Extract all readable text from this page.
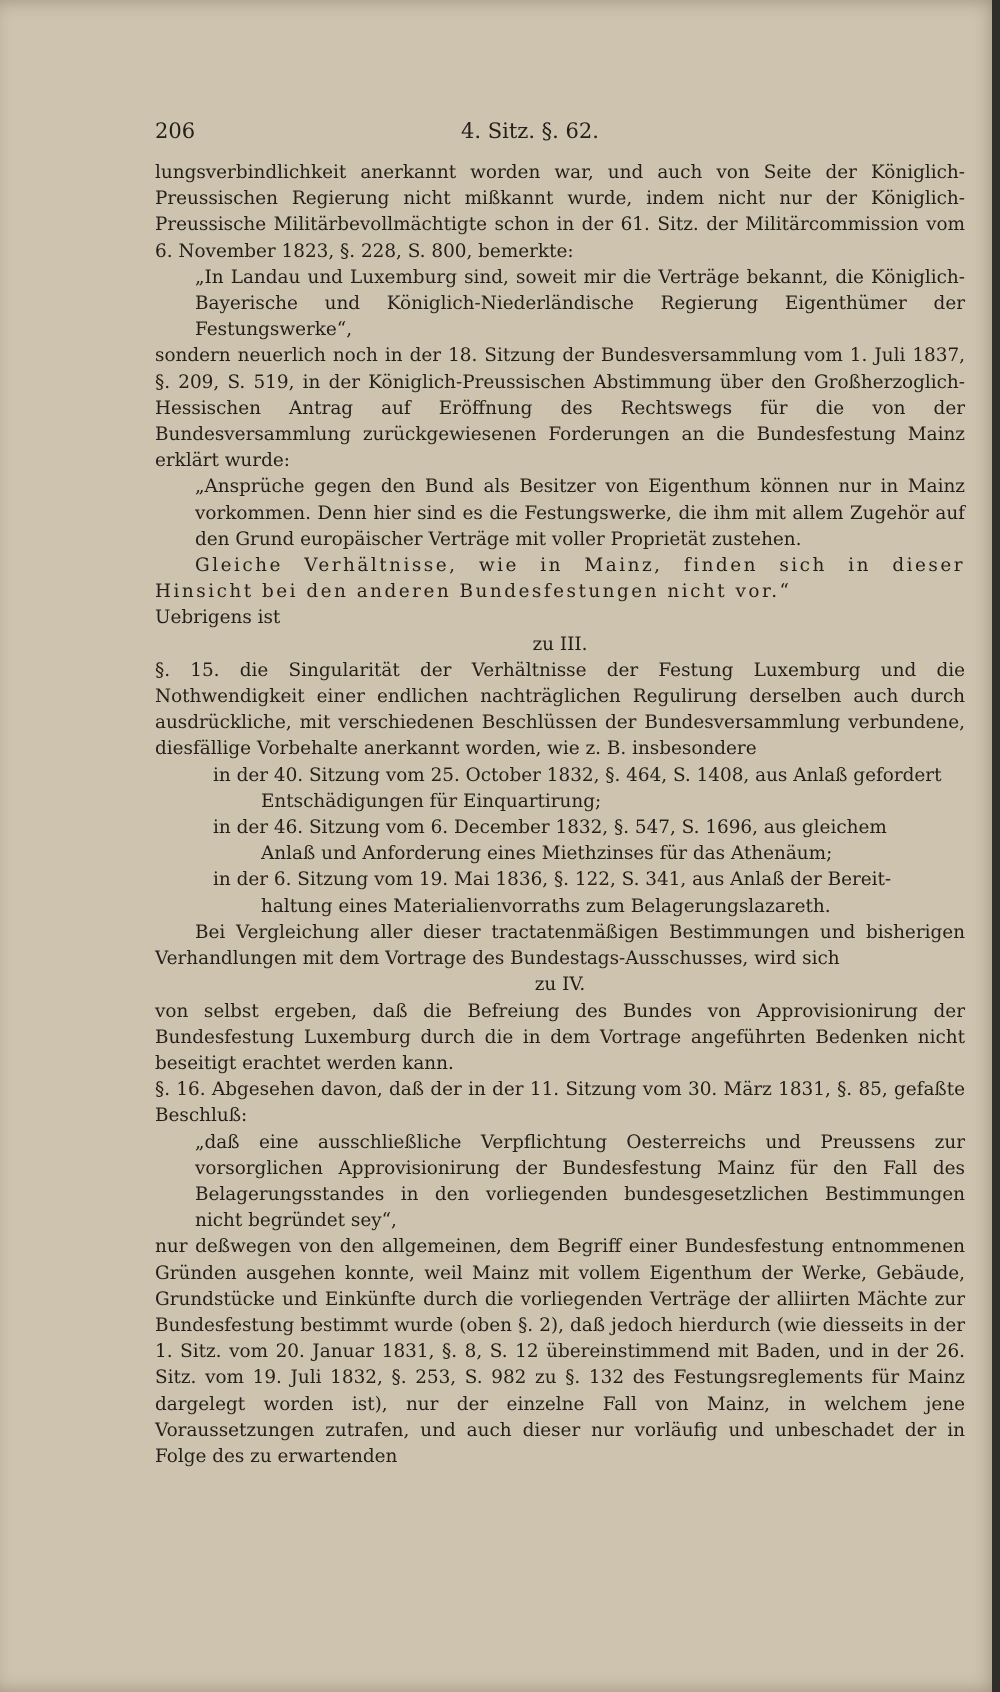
206	4. Sitz. §. 62.

lungsverbindlichkeit anerkannt worden war, und auch von Seite der Königlich-Preussischen Regierung nicht mißkannt wurde, indem nicht nur der Königlich-Preussische Militärbevollmächtigte schon in der 61. Sitz. der Militärcommission vom 6. November 1823, §. 228, S. 800, bemerkte:

„In Landau und Luxemburg sind, soweit mir die Verträge bekannt, die Königlich-Bayerische und Königlich-Niederländische Regierung Eigenthümer der Festungswerke“,

sondern neuerlich noch in der 18. Sitzung der Bundesversammlung vom 1. Juli 1837, §. 209, S. 519, in der Königlich-Preussischen Abstimmung über den Großherzoglich-Hessischen Antrag auf Eröffnung des Rechtswegs für die von der Bundesversammlung zurückgewiesenen Forderungen an die Bundesfestung Mainz erklärt wurde:

„Ansprüche gegen den Bund als Besitzer von Eigenthum können nur in Mainz vorkommen. Denn hier sind es die Festungswerke, die ihm mit allem Zugehör auf den Grund europäischer Verträge mit voller Proprietät zustehen.

Gleiche Verhältnisse, wie in Mainz, finden sich in dieser Hinsicht bei den anderen Bundesfestungen nicht vor.“

Uebrigens ist

zu III.

§. 15. die Singularität der Verhältnisse der Festung Luxemburg und die Nothwendigkeit einer endlichen nachträglichen Regulirung derselben auch durch ausdrückliche, mit verschiedenen Beschlüssen der Bundesversammlung verbundene, diesfällige Vorbehalte anerkannt worden, wie z. B. insbesondere

in der 40. Sitzung vom 25. October 1832, §. 464, S. 1408, aus Anlaß gefordert
Entschädigungen für Einquartirung;
in der 46. Sitzung vom 6. December 1832, §. 547, S. 1696, aus gleichem
Anlaß und Anforderung eines Miethzinses für das Athenäum;
in der 6. Sitzung vom 19. Mai 1836, §. 122, S. 341, aus Anlaß der Bereit-
haltung eines Materialienvorraths zum Belagerungslazareth.

Bei Vergleichung aller dieser tractatenmäßigen Bestimmungen und bisherigen Verhandlungen mit dem Vortrage des Bundestags-Ausschusses, wird sich

zu IV.

von selbst ergeben, daß die Befreiung des Bundes von Approvisionirung der Bundesfestung Luxemburg durch die in dem Vortrage angeführten Bedenken nicht beseitigt erachtet werden kann.

§. 16. Abgesehen davon, daß der in der 11. Sitzung vom 30. März 1831, §. 85, gefaßte Beschluß:

„daß eine ausschließliche Verpflichtung Oesterreichs und Preussens zur vorsorglichen Approvisionirung der Bundesfestung Mainz für den Fall des Belagerungsstandes in den vorliegenden bundesgesetzlichen Bestimmungen nicht begründet sey“,

nur deßwegen von den allgemeinen, dem Begriff einer Bundesfestung entnommenen Gründen ausgehen konnte, weil Mainz mit vollem Eigenthum der Werke, Gebäude, Grundstücke und Einkünfte durch die vorliegenden Verträge der alliirten Mächte zur Bundesfestung bestimmt wurde (oben §. 2), daß jedoch hierdurch (wie diesseits in der 1. Sitz. vom 20. Januar 1831, §. 8, S. 12 übereinstimmend mit Baden, und in der 26. Sitz. vom 19. Juli 1832, §. 253, S. 982 zu §. 132 des Festungsreglements für Mainz dargelegt worden ist), nur der einzelne Fall von Mainz, in welchem jene Voraussetzungen zutrafen, und auch dieser nur vorläufig und unbeschadet der in Folge des zu erwartenden
